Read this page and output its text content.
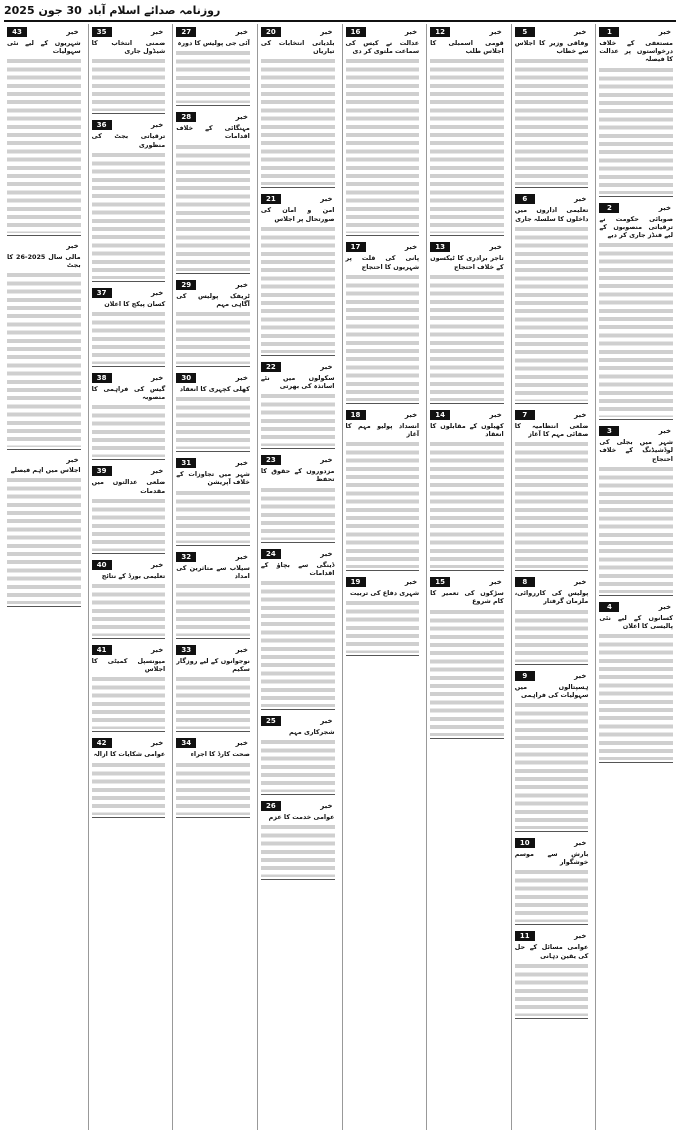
روزنامہ صدائے اسلام آباد
30 جون 2025
خبر
1
مستعفی کے خلاف درخواستوں پر عدالت کا فیصلہ
خبر
2
صوبائی حکومت نے ترقیاتی منصوبوں کے لیے فنڈز جاری کر دیے
خبر
3
شہر میں بجلی کی لوڈشیڈنگ کے خلاف احتجاج
خبر
4
کسانوں کے لیے نئی پالیسی کا اعلان
خبر
5
وفاقی وزیر کا اجلاس سے خطاب
خبر
6
تعلیمی اداروں میں داخلوں کا سلسلہ جاری
خبر
7
ضلعی انتظامیہ کا صفائی مہم کا آغاز
خبر
8
پولیس کی کارروائی، ملزمان گرفتار
خبر
9
ہسپتالوں میں سہولیات کی فراہمی
خبر
10
بارش سے موسم خوشگوار
خبر
11
عوامی مسائل کے حل کی یقین دہانی
خبر
12
قومی اسمبلی کا اجلاس طلب
خبر
13
تاجر برادری کا ٹیکسوں کے خلاف احتجاج
خبر
14
کھیلوں کے مقابلوں کا انعقاد
خبر
15
سڑکوں کی تعمیر کا کام شروع
خبر
16
عدالت نے کیس کی سماعت ملتوی کر دی
خبر
17
پانی کی قلت پر شہریوں کا احتجاج
خبر
18
انسداد پولیو مہم کا آغاز
خبر
19
شہری دفاع کی تربیت
خبر
20
بلدیاتی انتخابات کی تیاریاں
خبر
21
امن و امان کی صورتحال پر اجلاس
خبر
22
سکولوں میں نئے اساتذہ کی بھرتی
خبر
23
مزدوروں کے حقوق کا تحفظ
خبر
24
ڈینگی سے بچاؤ کے اقدامات
خبر
25
شجرکاری مہم
خبر
26
عوامی خدمت کا عزم
خبر
27
آئی جی پولیس کا دورہ
خبر
28
مہنگائی کے خلاف اقدامات
خبر
29
ٹریفک پولیس کی آگاہی مہم
خبر
30
کھلی کچہری کا انعقاد
خبر
31
شہر میں تجاوزات کے خلاف آپریشن
خبر
32
سیلاب سے متاثرین کی امداد
خبر
33
نوجوانوں کے لیے روزگار سکیم
خبر
34
صحت کارڈ کا اجراء
خبر
35
ضمنی انتخاب کا شیڈول جاری
خبر
36
ترقیاتی بجٹ کی منظوری
خبر
37
کسان پیکج کا اعلان
خبر
38
گیس کی فراہمی کا منصوبہ
خبر
39
ضلعی عدالتوں میں مقدمات
خبر
40
تعلیمی بورڈ کے نتائج
خبر
41
میونسپل کمیٹی کا اجلاس
خبر
42
عوامی شکایات کا ازالہ
خبر
43
شہریوں کے لیے نئی سہولیات
خبر
مالی سال 2025-26 کا بجٹ
خبر
اجلاس میں اہم فیصلے
